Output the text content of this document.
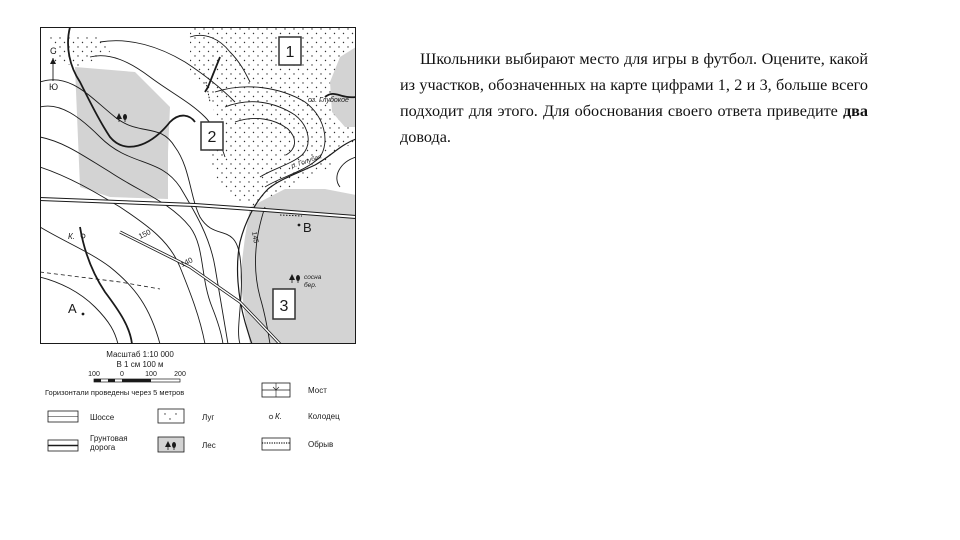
С
Ю
1
2
3
А
В
К.
оз. Глубокое
р. Голубая
сосна
бер.
150
140
145
Масштаб 1:10 000
В 1 см 100 м
100	0	100 200
Горизонтали проведены через 5 метров
Шоссе
Грунтовая
дорога
Луг
Лес
Мост
К.	Колодец
Обрыв

Школьники выбирают место для игры в футбол. Оцените, какой из участков, обозначенных на карте цифрами 1, 2 и 3, больше всего подходит для этого. Для обоснования своего ответа приведите два довода.
